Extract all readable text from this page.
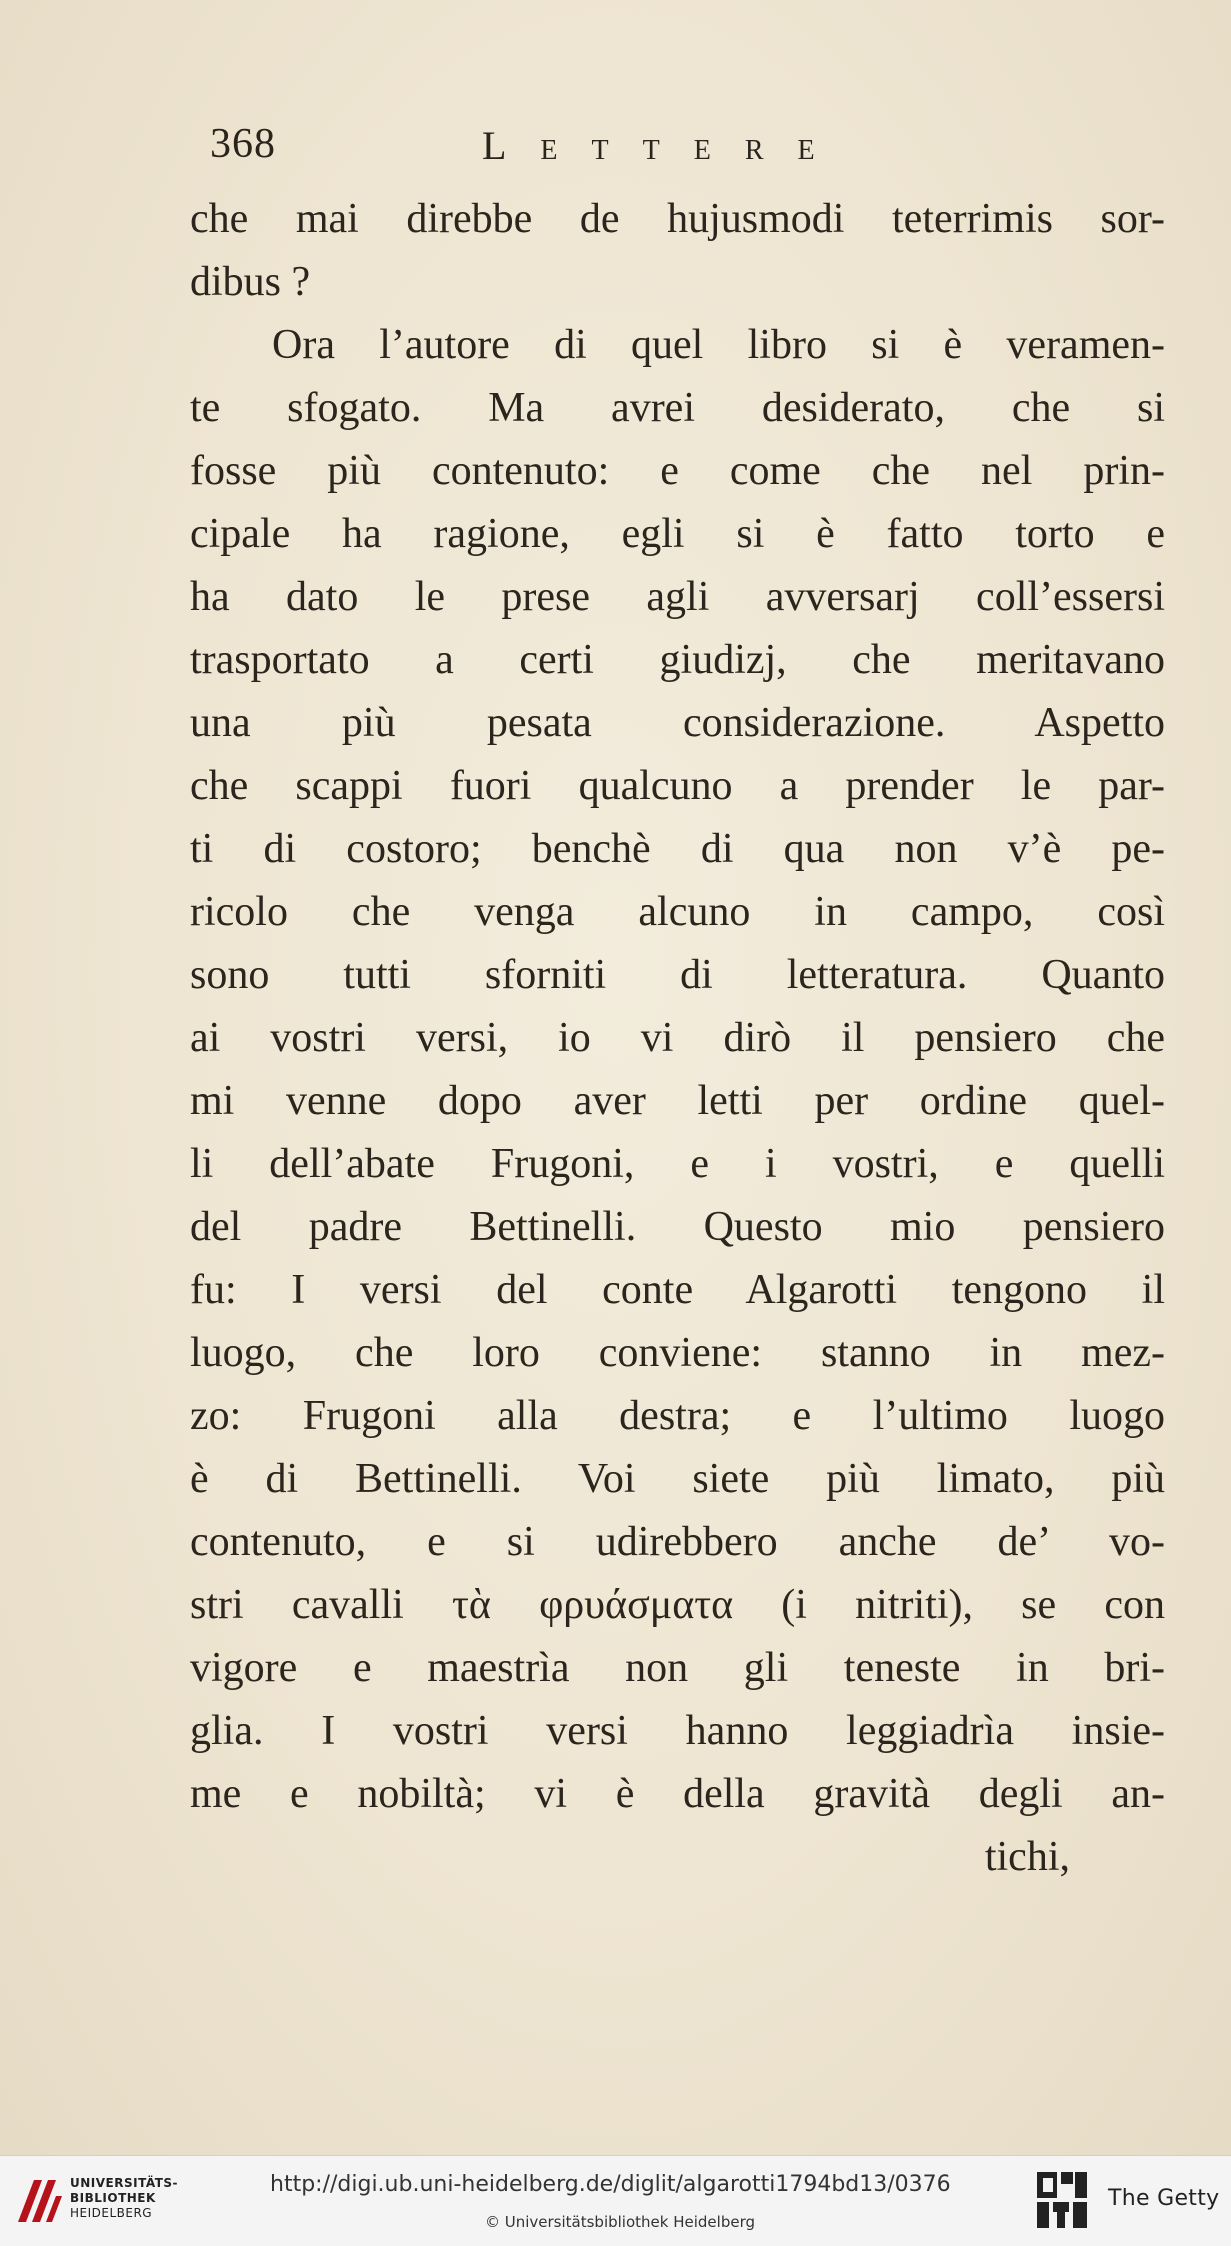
368	Lettere
che mai direbbe de hujusmodi teterrimis sor-
dibus ?
Ora l’autore di quel libro si è veramen-
te sfogato. Ma avrei desiderato, che si
fosse più contenuto: e come che nel prin-
cipale ha ragione, egli si è fatto torto e
ha dato le prese agli avversarj coll’essersi
trasportato a certi giudizj, che meritavano
una più pesata considerazione. Aspetto
che scappi fuori qualcuno a prender le par-
ti di costoro; benchè di qua non v’è pe-
ricolo che venga alcuno in campo, così
sono tutti sforniti di letteratura. Quanto
ai vostri versi, io vi dirò il pensiero che
mi venne dopo aver letti per ordine quel-
li dell’abate Frugoni, e i vostri, e quelli
del padre Bettinelli. Questo mio pensiero
fu: I versi del conte Algarotti tengono il
luogo, che loro conviene: stanno in mez-
zo: Frugoni alla destra; e l’ultimo luogo
è di Bettinelli. Voi siete più limato, più
contenuto, e si udirebbero anche de’ vo-
stri cavalli τὰ φρυάσματα (i nitriti), se con
vigore e maestrìa non gli teneste in bri-
glia. I vostri versi hanno leggiadrìa insie-
me e nobiltà; vi è della gravità degli an-
tichi,
UNIVERSITÄTS-
BIBLIOTHEK
HEIDELBERG
http://digi.ub.uni-heidelberg.de/diglit/algarotti1794bd13/0376
© Universitätsbibliothek Heidelberg
The Getty
